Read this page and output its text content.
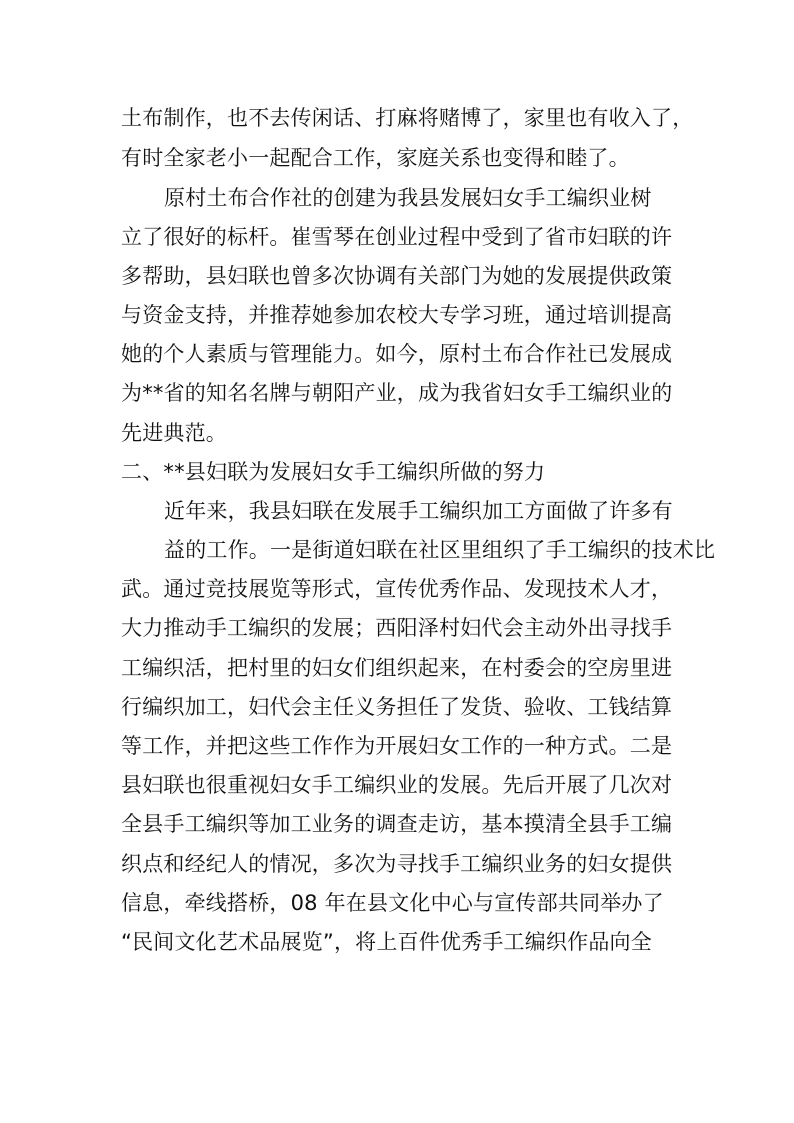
土布制作，也不去传闲话、打麻将赌博了，家里也有收入了，
有时全家老小一起配合工作，家庭关系也变得和睦了。
原村土布合作社的创建为我县发展妇女手工编织业树
立了很好的标杆。崔雪琴在创业过程中受到了省市妇联的许
多帮助，县妇联也曾多次协调有关部门为她的发展提供政策
与资金支持，并推荐她参加农校大专学习班，通过培训提高
她的个人素质与管理能力。如今，原村土布合作社已发展成
为**省的知名名牌与朝阳产业，成为我省妇女手工编织业的
先进典范。
二、**县妇联为发展妇女手工编织所做的努力
近年来，我县妇联在发展手工编织加工方面做了许多有
益的工作。一是街道妇联在社区里组织了手工编织的技术比
武。通过竞技展览等形式，宣传优秀作品、发现技术人才，
大力推动手工编织的发展；西阳泽村妇代会主动外出寻找手
工编织活，把村里的妇女们组织起来，在村委会的空房里进
行编织加工，妇代会主任义务担任了发货、验收、工钱结算
等工作，并把这些工作作为开展妇女工作的一种方式。二是
县妇联也很重视妇女手工编织业的发展。先后开展了几次对
全县手工编织等加工业务的调查走访，基本摸清全县手工编
织点和经纪人的情况，多次为寻找手工编织业务的妇女提供
信息，牵线搭桥，08 年在县文化中心与宣传部共同举办了
“民间文化艺术品展览”，将上百件优秀手工编织作品向全
